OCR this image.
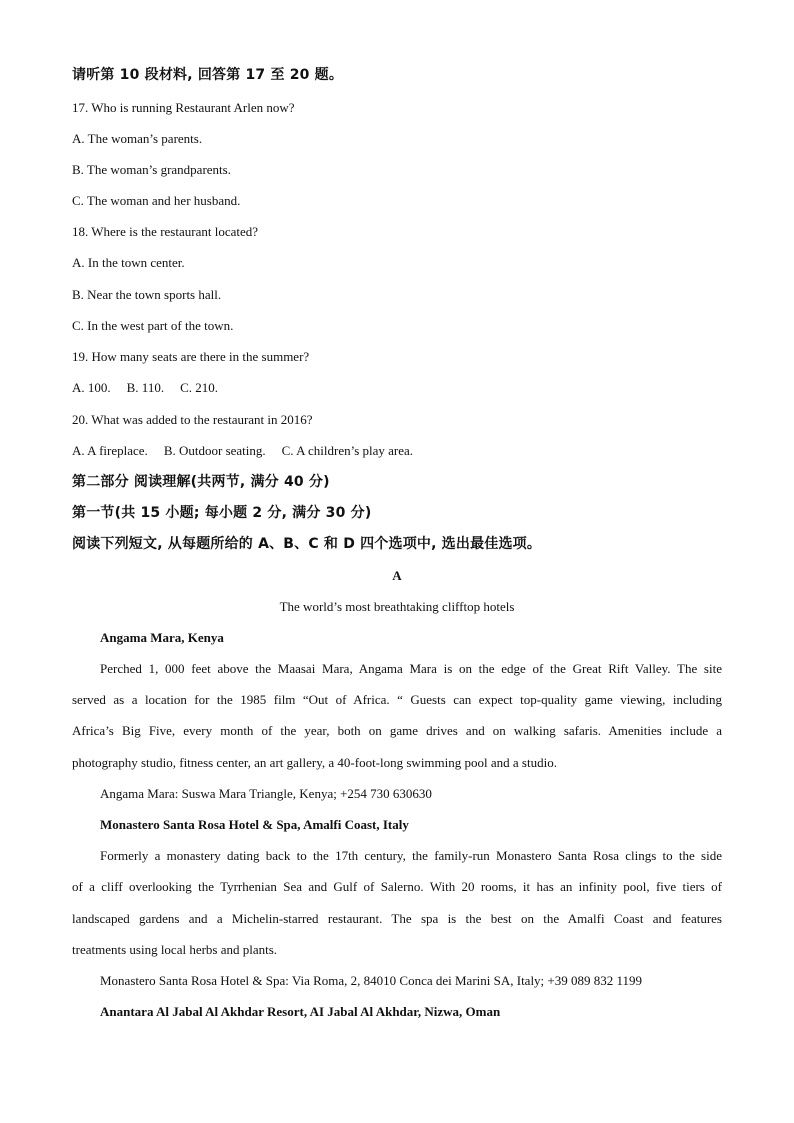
请听第 10 段材料, 回答第 17 至 20 题。
17. Who is running Restaurant Arlen now?
A. The woman’s parents.
B. The woman’s grandparents.
C. The woman and her husband.
18. Where is the restaurant located?
A. In the town center.
B. Near the town sports hall.
C. In the west part of the town.
19. How many seats are there in the summer?
A. 100. B. 110. C. 210.
20. What was added to the restaurant in 2016?
A. A fireplace. B. Outdoor seating. C. A children’s play area.
第二部分 阅读理解(共两节, 满分 40 分)
第一节(共 15 小题; 每小题 2 分, 满分 30 分)
阅读下列短文, 从每题所给的 A、B、C 和 D 四个选项中, 选出最佳选项。
A
The world’s most breathtaking clifftop hotels
Angama Mara, Kenya
Perched 1, 000 feet above the Maasai Mara, Angama Mara is on the edge of the Great Rift Valley. The site
served as a location for the 1985 film “Out of Africa. “ Guests can expect top-quality game viewing, including
Africa’s Big Five, every month of the year, both on game drives and on walking safaris. Amenities include a
photography studio, fitness center, an art gallery, a 40-foot-long swimming pool and a studio.
Angama Mara: Suswa Mara Triangle, Kenya; +254 730 630630
Monastero Santa Rosa Hotel & Spa, Amalfi Coast, Italy
Formerly a monastery dating back to the 17th century, the family-run Monastero Santa Rosa clings to the side
of a cliff overlooking the Tyrrhenian Sea and Gulf of Salerno. With 20 rooms, it has an infinity pool, five tiers of
landscaped gardens and a Michelin-starred restaurant. The spa is the best on the Amalfi Coast and features
treatments using local herbs and plants.
Monastero Santa Rosa Hotel & Spa: Via Roma, 2, 84010 Conca dei Marini SA, Italy; +39 089 832 1199
Anantara Al Jabal Al Akhdar Resort, AI Jabal Al Akhdar, Nizwa, Oman
